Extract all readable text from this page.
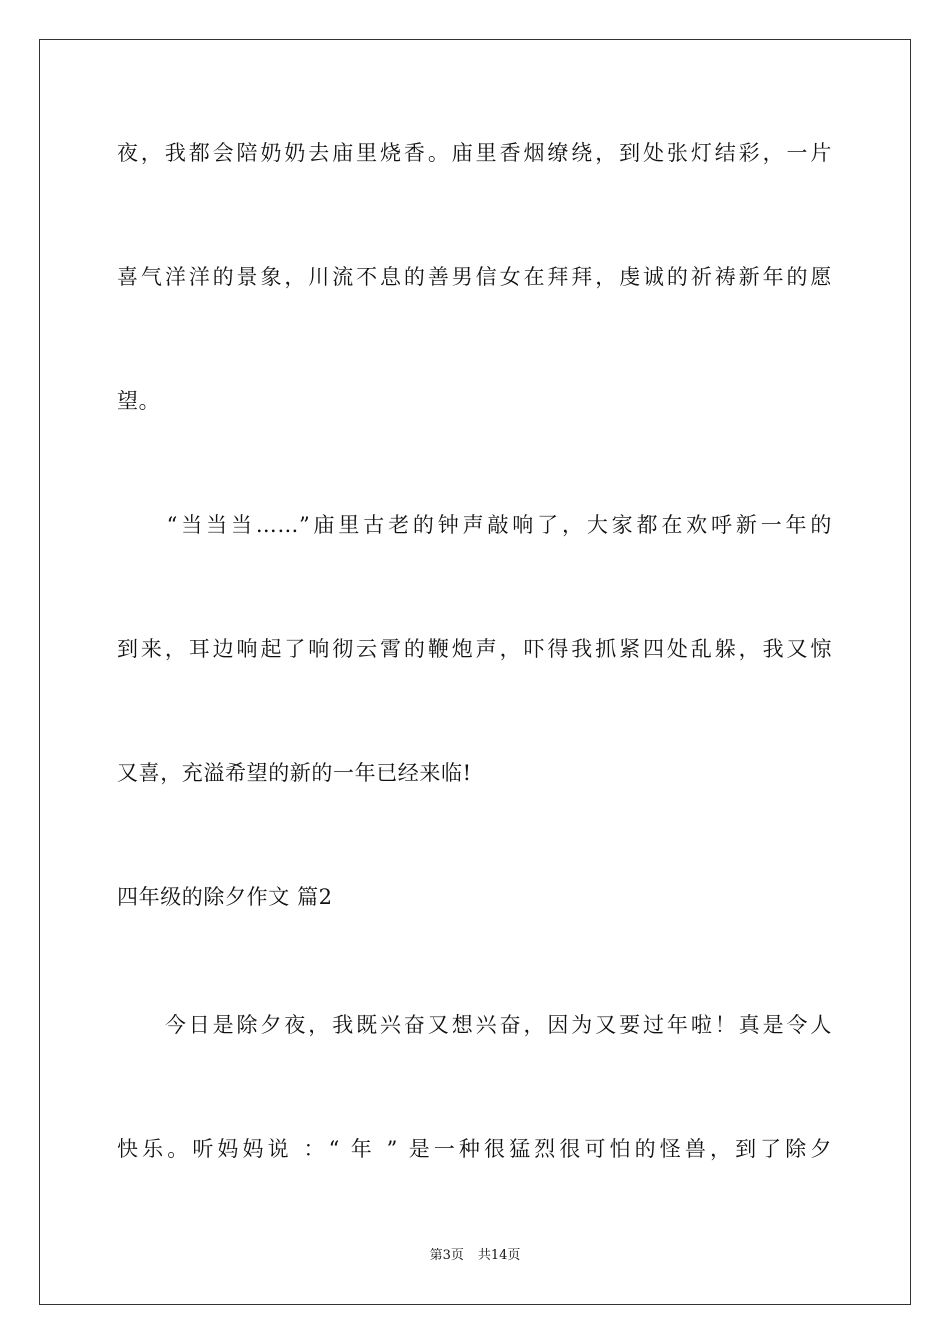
夜，我都会陪奶奶去庙里烧香。庙里香烟缭绕，到处张灯结彩，一片
喜气洋洋的景象，川流不息的善男信女在拜拜，虔诚的祈祷新年的愿
望。
　　“当当当……”庙里古老的钟声敲响了，大家都在欢呼新一年的
到来，耳边响起了响彻云霄的鞭炮声，吓得我抓紧四处乱躲，我又惊
又喜，充溢希望的新的一年已经来临!
四年级的除夕作文 篇2
　　今日是除夕夜，我既兴奋又想兴奋，因为又要过年啦！真是令人
快乐。听妈妈说 ：“ 年 ” 是一种很猛烈很可怕的怪兽，到了除夕
第3页 共14页
